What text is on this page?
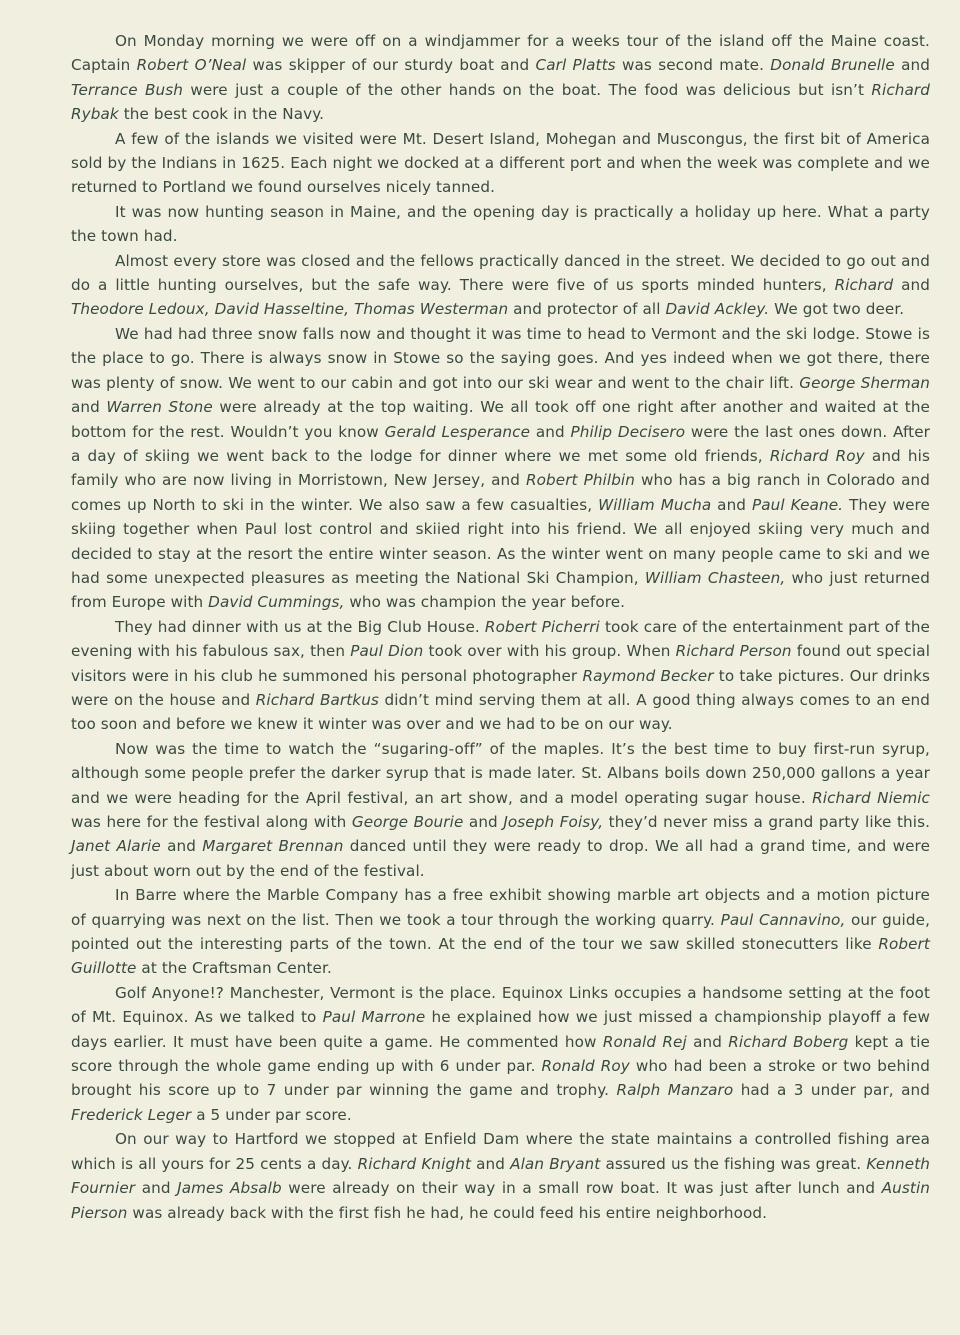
On Monday morning we were off on a windjammer for a weeks tour of the island off the Maine coast. Captain Robert O’Neal was skipper of our sturdy boat and Carl Platts was second mate. Donald Brunelle and Terrance Bush were just a couple of the other hands on the boat. The food was delicious but isn’t Richard Rybak the best cook in the Navy.

A few of the islands we visited were Mt. Desert Island, Mohegan and Muscongus, the first bit of America sold by the Indians in 1625. Each night we docked at a different port and when the week was complete and we returned to Portland we found ourselves nicely tanned.

It was now hunting season in Maine, and the opening day is practically a holiday up here. What a party the town had.

Almost every store was closed and the fellows practically danced in the street. We decided to go out and do a little hunting ourselves, but the safe way. There were five of us sports minded hunters, Richard and Theodore Ledoux, David Hasseltine, Thomas Westerman and protector of all David Ackley. We got two deer.

We had had three snow falls now and thought it was time to head to Vermont and the ski lodge. Stowe is the place to go. There is always snow in Stowe so the saying goes. And yes indeed when we got there, there was plenty of snow. We went to our cabin and got into our ski wear and went to the chair lift. George Sherman and Warren Stone were already at the top waiting. We all took off one right after another and waited at the bottom for the rest. Wouldn’t you know Gerald Lesperance and Philip Decisero were the last ones down. After a day of skiing we went back to the lodge for dinner where we met some old friends, Richard Roy and his family who are now living in Morristown, New Jersey, and Robert Philbin who has a big ranch in Colorado and comes up North to ski in the winter. We also saw a few casualties, William Mucha and Paul Keane. They were skiing together when Paul lost control and skiied right into his friend. We all enjoyed skiing very much and decided to stay at the resort the entire winter season. As the winter went on many people came to ski and we had some unexpected pleasures as meeting the National Ski Champion, William Chasteen, who just returned from Europe with David Cummings, who was champion the year before.

They had dinner with us at the Big Club House. Robert Picherri took care of the entertainment part of the evening with his fabulous sax, then Paul Dion took over with his group. When Richard Person found out special visitors were in his club he summoned his personal photographer Raymond Becker to take pictures. Our drinks were on the house and Richard Bartkus didn’t mind serving them at all. A good thing always comes to an end too soon and before we knew it winter was over and we had to be on our way.

Now was the time to watch the “sugaring-off” of the maples. It’s the best time to buy first-run syrup, although some people prefer the darker syrup that is made later. St. Albans boils down 250,000 gallons a year and we were heading for the April festival, an art show, and a model operating sugar house. Richard Niemic was here for the festival along with George Bourie and Joseph Foisy, they’d never miss a grand party like this. Janet Alarie and Margaret Brennan danced until they were ready to drop. We all had a grand time, and were just about worn out by the end of the festival.

In Barre where the Marble Company has a free exhibit showing marble art objects and a motion picture of quarrying was next on the list. Then we took a tour through the working quarry. Paul Cannavino, our guide, pointed out the interesting parts of the town. At the end of the tour we saw skilled stonecutters like Robert Guillotte at the Craftsman Center.

Golf Anyone!? Manchester, Vermont is the place. Equinox Links occupies a handsome setting at the foot of Mt. Equinox. As we talked to Paul Marrone he explained how we just missed a championship playoff a few days earlier. It must have been quite a game. He commented how Ronald Rej and Richard Boberg kept a tie score through the whole game ending up with 6 under par. Ronald Roy who had been a stroke or two behind brought his score up to 7 under par winning the game and trophy. Ralph Manzaro had a 3 under par, and Frederick Leger a 5 under par score.

On our way to Hartford we stopped at Enfield Dam where the state maintains a controlled fishing area which is all yours for 25 cents a day. Richard Knight and Alan Bryant assured us the fishing was great. Kenneth Fournier and James Absalb were already on their way in a small row boat. It was just after lunch and Austin Pierson was already back with the first fish he had, he could feed his entire neighborhood.
